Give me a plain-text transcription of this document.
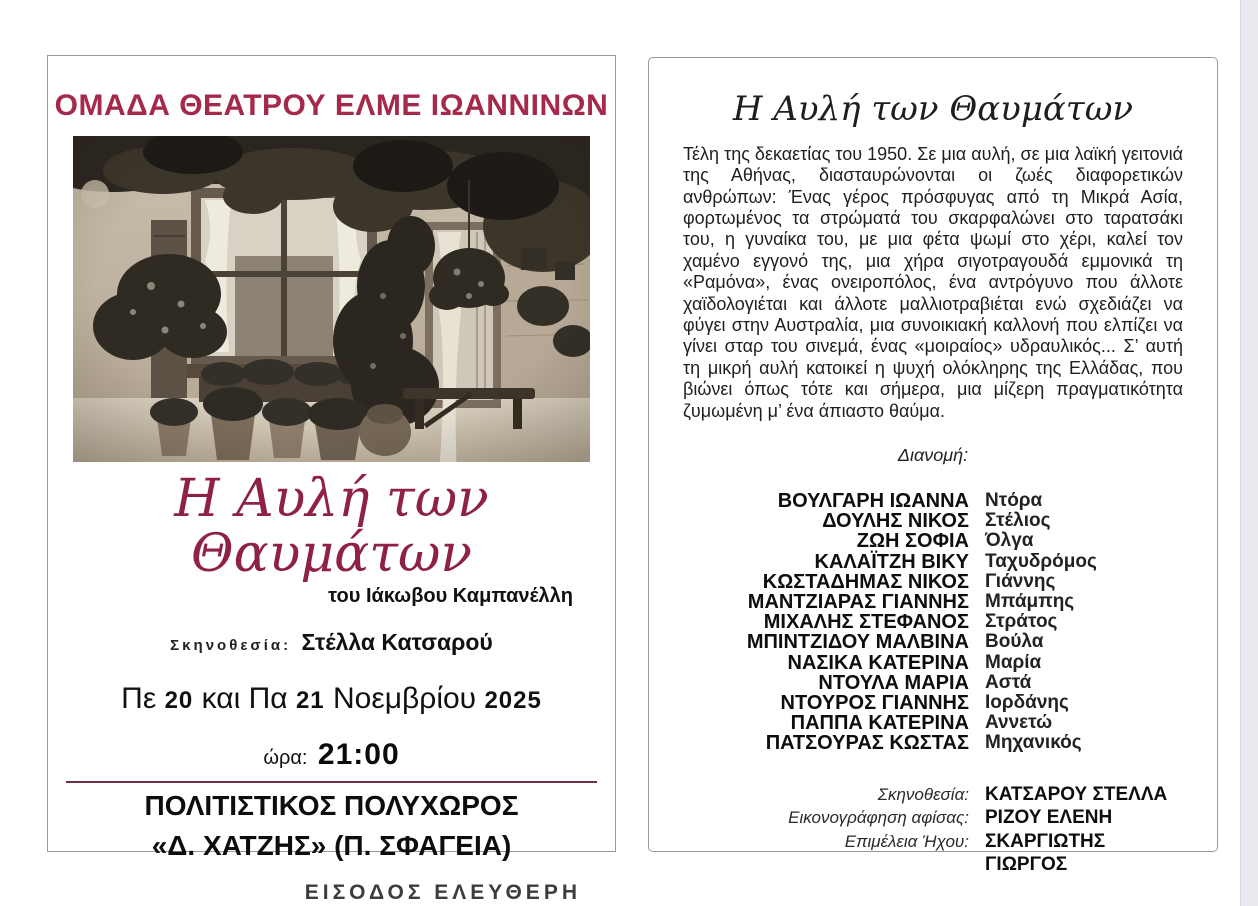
ΟΜΑΔΑ ΘΕΑΤΡΟΥ ΕΛΜΕ ΙΩΑΝΝΙΝΩΝ
Η Αυλή των Θαυμάτων
του Ιάκωβου Καμπανέλλη
Σκηνοθεσία: Στέλλα Κατσαρού
Πε 20 και Πα 21 Νοεμβρίου 2025
ώρα: 21:00
ΠΟΛΙΤΙΣΤΙΚΟΣ ΠΟΛΥΧΩΡΟΣ
«Δ. ΧΑΤΖΗΣ» (Π. ΣΦΑΓΕΙΑ)
ΕΙΣΟΔΟΣ ΕΛΕΥΘΕΡΗ
Η Αυλή των Θαυμάτων
Τέλη της δεκαετίας του 1950. Σε μια αυλή, σε μια λαϊκή γειτονιά της Αθήνας, διασταυρώνονται οι ζωές διαφορετικών ανθρώπων: Ένας γέρος πρόσφυγας από τη Μικρά Ασία, φορτωμένος τα στρώματά του σκαρφαλώνει στο ταρατσάκι του, η γυναίκα του, με μια φέτα ψωμί στο χέρι, καλεί τον χαμένο εγγονό της, μια χήρα σιγοτραγουδά εμμονικά τη «Ραμόνα», ένας ονειροπόλος, ένα αντρόγυνο που άλλοτε χαϊδολογιέται και άλλοτε μαλλιοτραβιέται ενώ σχεδιάζει να φύγει στην Αυστραλία, μια συνοικιακή καλλονή που ελπίζει να γίνει σταρ του σινεμά, ένας «μοιραίος» υδραυλικός... Σ’ αυτή τη μικρή αυλή κατοικεί η ψυχή ολόκληρης της Ελλάδας, που βιώνει όπως τότε και σήμερα, μια μίζερη πραγματικότητα ζυμωμένη μ’ ένα άπιαστο θαύμα.
Διανομή:
ΒΟΥΛΓΑΡΗ ΙΩΑΝΝΑ Ντόρα
ΔΟΥΛΗΣ ΝΙΚΟΣ Στέλιος
ΖΩΗ ΣΟΦΙΑ Όλγα
ΚΑΛΑΪΤΖΗ ΒΙΚΥ Ταχυδρόμος
ΚΩΣΤΑΔΗΜΑΣ ΝΙΚΟΣ Γιάννης
ΜΑΝΤΖΙΑΡΑΣ ΓΙΑΝΝΗΣ Μπάμπης
ΜΙΧΑΛΗΣ ΣΤΕΦΑΝΟΣ Στράτος
ΜΠΙΝΤΖΙΔΟΥ ΜΑΛΒΙΝΑ Βούλα
ΝΑΣΙΚΑ ΚΑΤΕΡΙΝΑ Μαρία
ΝΤΟΥΛΑ ΜΑΡΙΑ Αστά
ΝΤΟΥΡΟΣ ΓΙΑΝΝΗΣ Ιορδάνης
ΠΑΠΠΑ ΚΑΤΕΡΙΝΑ Αννετώ
ΠΑΤΣΟΥΡΑΣ ΚΩΣΤΑΣ Μηχανικός
Σκηνοθεσία: ΚΑΤΣΑΡΟΥ ΣΤΕΛΛΑ
Εικονογράφηση αφίσας: ΡΙΖΟΥ ΕΛΕΝΗ
Επιμέλεια Ήχου: ΣΚΑΡΓΙΩΤΗΣ ΓΙΩΡΓΟΣ
